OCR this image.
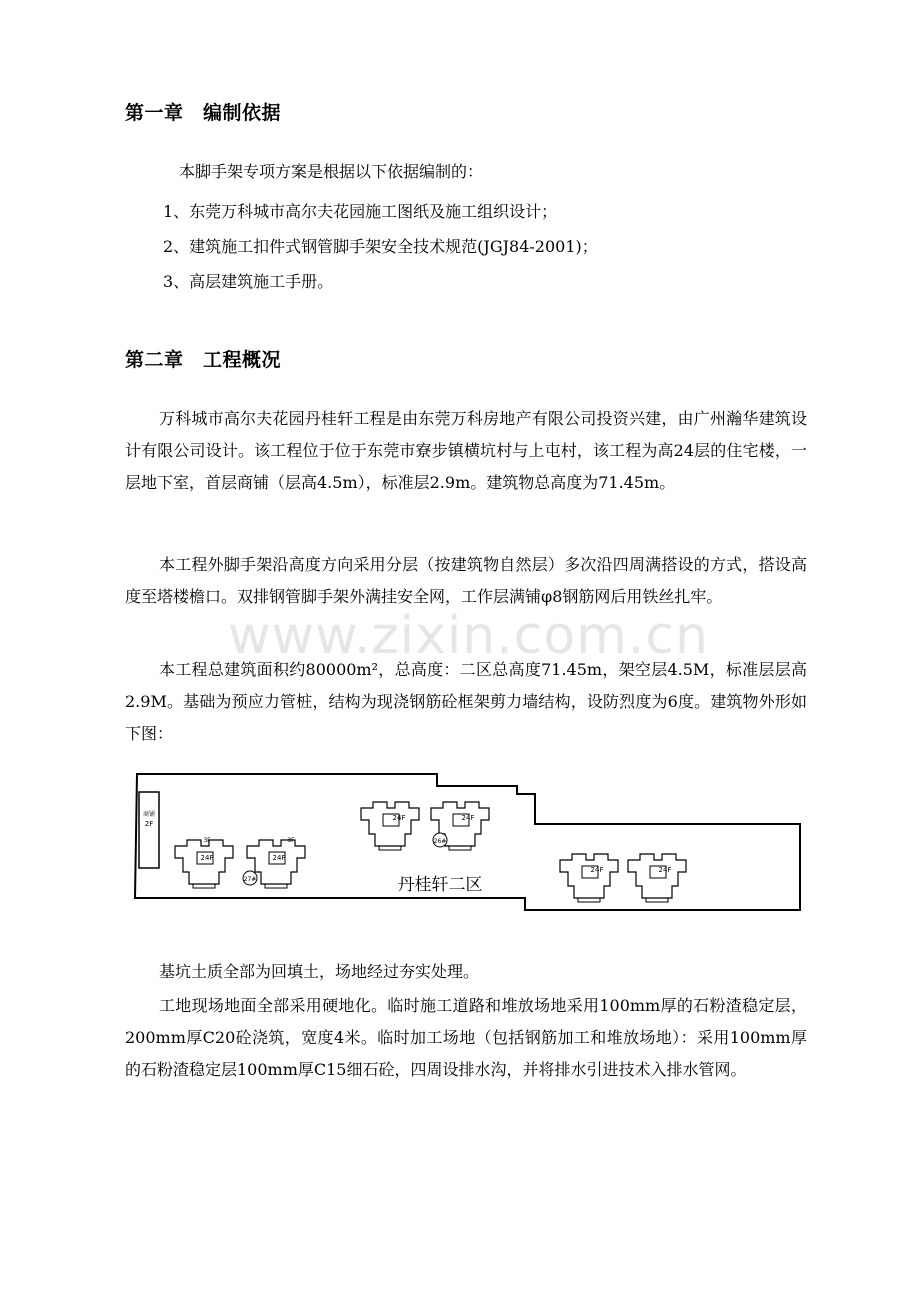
www.zixin.com.cn
第一章　编制依据

本脚手架专项方案是根据以下依据编制的：

1、东莞万科城市高尔夫花园施工图纸及施工组织设计；

2、建筑施工扣件式钢管脚手架安全技术规范(JGJ84-2001)；

3、高层建筑施工手册。

第二章　工程概况

万科城市高尔夫花园丹桂轩工程是由东莞万科房地产有限公司投资兴建，由广州瀚华建筑设计有限公司设计。该工程位于位于东莞市寮步镇横坑村与上屯村，该工程为高24层的住宅楼，一层地下室，首层商铺（层高4.5m），标准层2.9m。建筑物总高度为71.45m。

本工程外脚手架沿高度方向采用分层（按建筑物自然层）多次沿四周满搭设的方式，搭设高度至塔楼檐口。双排钢管脚手架外满挂安全网，工作层满铺φ8钢筋网后用铁丝扎牢。

本工程总建筑面积约80000m²，总高度：二区总高度71.45m，架空层4.5M，标准层层高2.9M。基础为预应力管桩，结构为现浇钢筋砼框架剪力墙结构，设防烈度为6度。建筑物外形如下图：

商铺
2F
24F	24F
3F	3F
27#
24F	24F
26#
24F	24F
丹桂轩二区

基坑土质全部为回填土，场地经过夯实处理。

工地现场地面全部采用硬地化。临时施工道路和堆放场地采用100mm厚的石粉渣稳定层，200mm厚C20砼浇筑，宽度4米。临时加工场地（包括钢筋加工和堆放场地）：采用100mm厚的石粉渣稳定层100mm厚C15细石砼，四周设排水沟，并将排水引进技术入排水管网。
